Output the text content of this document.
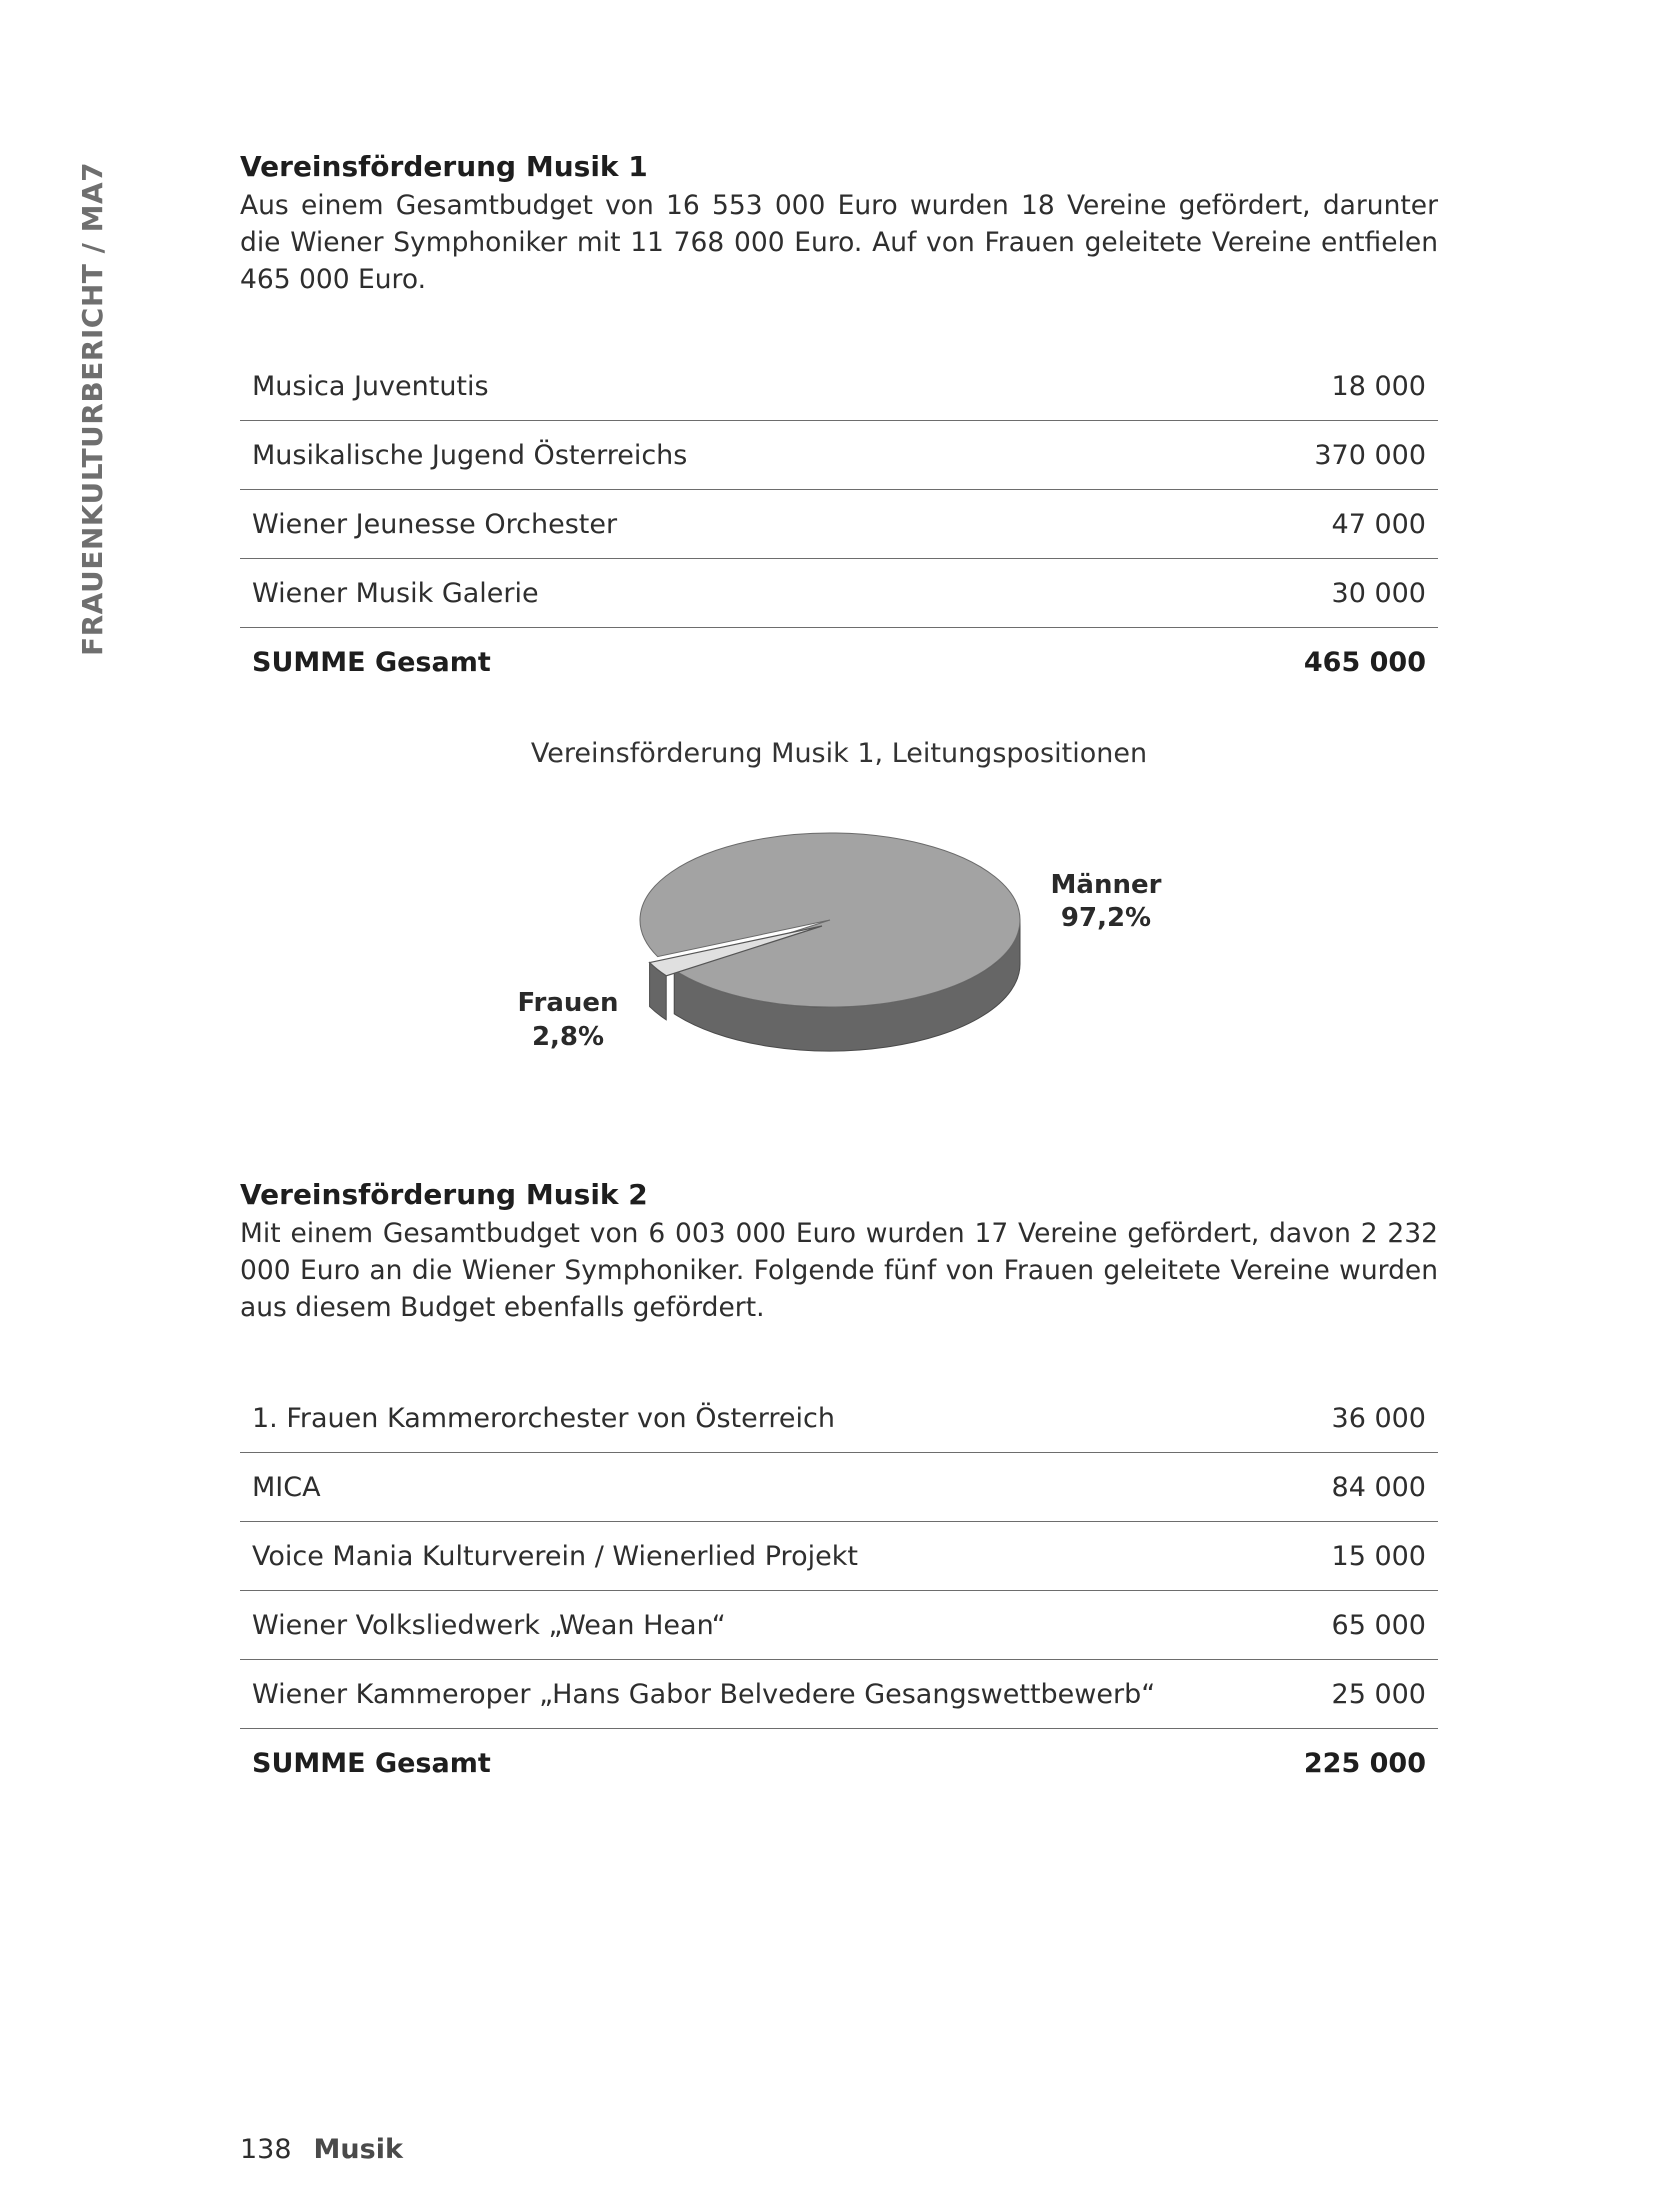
FRAUENKULTURBERICHT / MA7	Vereinsförderung Musik 1

Aus einem Gesamtbudget von 16 553 000 Euro wurden 18 Vereine gefördert, darunter die Wiener Symphoniker mit 11 768 000 Euro. Auf von Frauen geleitete Vereine entfielen 465 000 Euro.

Musica Juventutis	18 000
Musikalische Jugend Österreichs	370 000
Wiener Jeunesse Orchester	47 000
Wiener Musik Galerie	30 000
SUMME Gesamt	465 000
Vereinsförderung Musik 1, Leitungspositionen
Männer
97,2%
Frauen
2,8%
Vereinsförderung Musik 2

Mit einem Gesamtbudget von 6 003 000 Euro wurden 17 Vereine gefördert, davon 2 232 000 Euro an die Wiener Symphoniker. Folgende fünf von Frauen geleitete Vereine wurden aus diesem Budget ebenfalls gefördert.

1. Frauen Kammerorchester von Österreich	36 000
MICA	84 000
Voice Mania Kulturverein / Wienerlied Projekt	15 000
Wiener Volksliedwerk „Wean Hean“	65 000
Wiener Kammeroper „Hans Gabor Belvedere Gesangswettbewerb“	25 000
SUMME Gesamt	225 000
138 Musik
